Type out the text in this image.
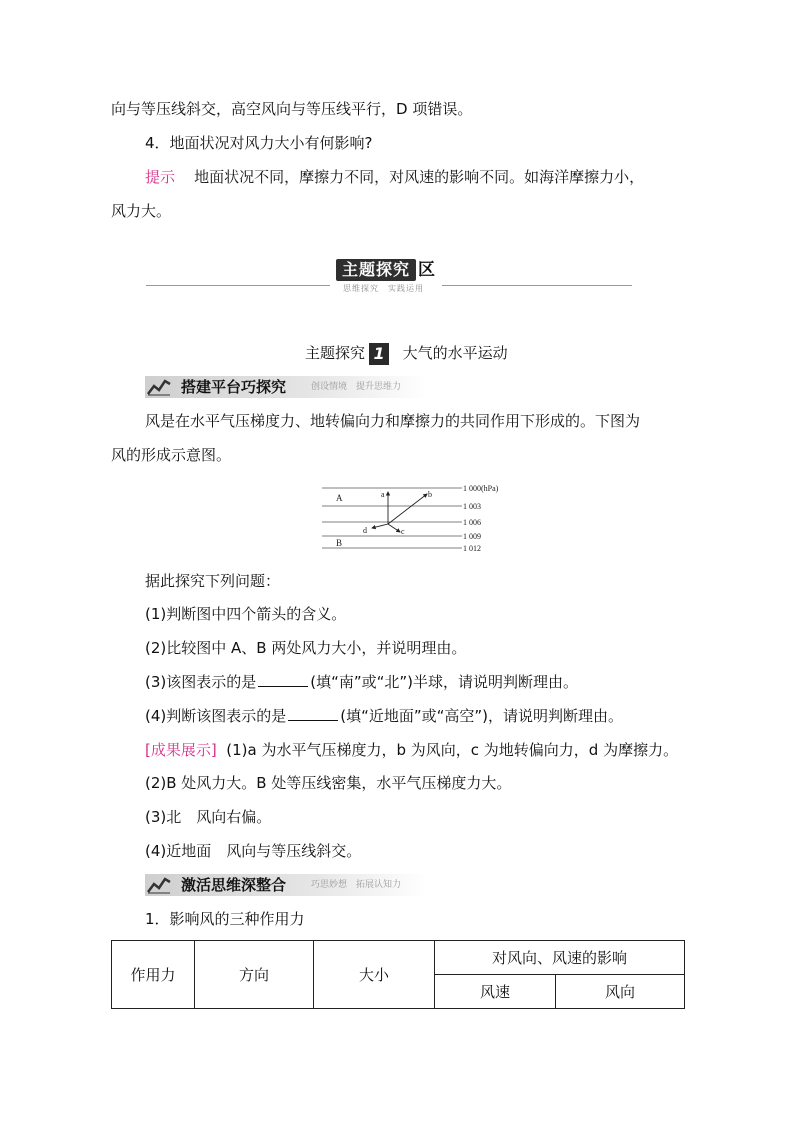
向与等压线斜交，高空风向与等压线平行，D 项错误。
4．地面状况对风力大小有何影响?
提示 地面状况不同，摩擦力不同，对风速的影响不同。如海洋摩擦力小，
风力大。
主题探究 区
思维探究　实践运用
主题探究 1 大气的水平运动
搭建平台巧探究	创设情境　提升思维力
风是在水平气压梯度力、地转偏向力和摩擦力的共同作用下形成的。下图为
风的形成示意图。
1 000(hPa)
1 003
1 006
1 009
1 012
A
B
a	b
c
d
据此探究下列问题：
(1)判断图中四个箭头的含义。
(2)比较图中 A、B 两处风力大小，并说明理由。
(3)该图表示的是	(填“南”或“北”)半球，请说明判断理由。
(4)判断该图表示的是	(填“近地面”或“高空”)，请说明判断理由。
[成果展示] (1)a 为水平气压梯度力，b 为风向，c 为地转偏向力，d 为摩擦力。
(2)B 处风力大。B 处等压线密集，水平气压梯度力大。
(3)北　风向右偏。
(4)近地面　风向与等压线斜交。
激活思维深整合	巧思妙想　拓展认知力
1．影响风的三种作用力
作用力	方向	大小	对风向、风速的影响	
			风速	风向
